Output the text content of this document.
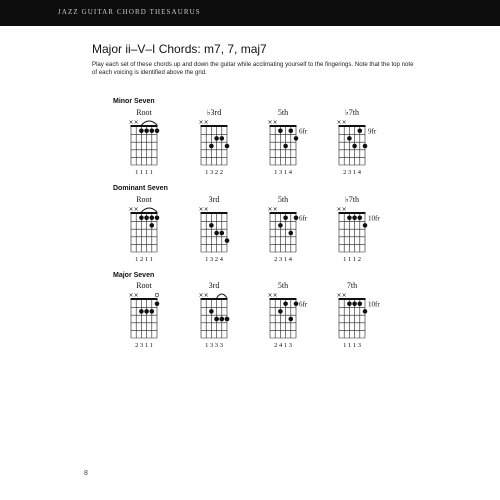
JAZZ GUITAR CHORD THESAURUS
Major ii–V–I Chords: m7, 7, maj7
Play each set of these chords up and down the guitar while acclimating yourself to the fingerings. Note that the top note of each voicing is identified above the grid.
Minor Seven
Dominant Seven
Major Seven
Root
× ×
1 1 1 1
♭3rd
× ×
1 3 2 2
5th
× ×
6fr
1 3 1 4
♭7th
× ×
9fr
2 3 1 4
Root
× ×
1 2 1 1
3rd
× ×
1 3 2 4
5th
× ×
6fr
2 3 1 4
♭7th
× ×
10fr
1 1 1 2
Root
× ×
2 3 1 1
3rd
× ×
1 3 3 3
5th
× ×
6fr
2 4 1 3
7th
× ×
10fr
1 1 1 3
8
